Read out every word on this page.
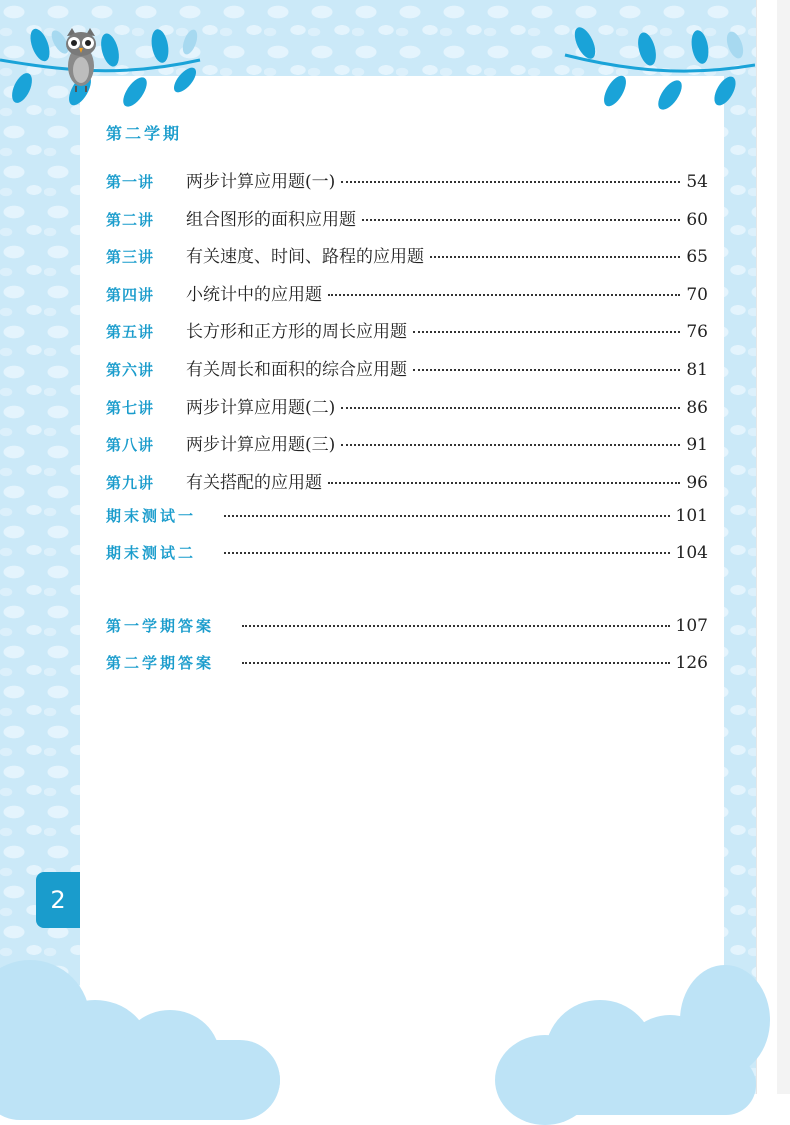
第二学期
第一讲	两步计算应用题(一)	54
第二讲	组合图形的面积应用题	60
第三讲	有关速度、时间、路程的应用题	65
第四讲	小统计中的应用题	70
第五讲	长方形和正方形的周长应用题	76
第六讲	有关周长和面积的综合应用题	81
第七讲	两步计算应用题(二)	86
第八讲	两步计算应用题(三)	91
第九讲	有关搭配的应用题	96
期末测试一	101
期末测试二	104
第一学期答案	107
第二学期答案	126
2
